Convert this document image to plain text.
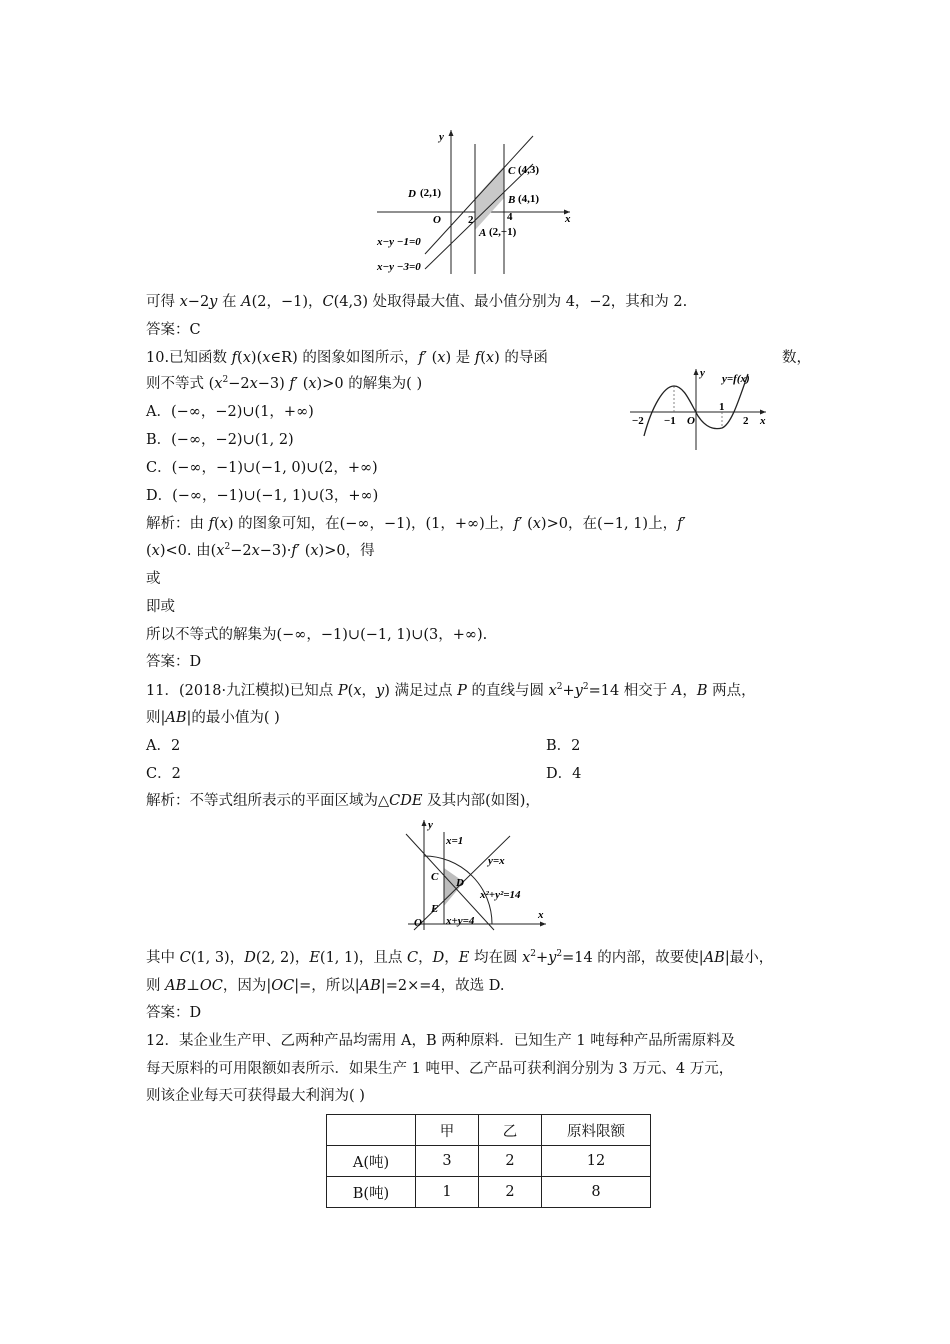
y
x
O
D (2,1)
C (4,3)
B (4,1)
A (2,−1)
2	4
x−y −1=0
x−y −3=0
可得 x−2y 在 A(2，−1)，C(4,3) 处取得最大值、最小值分别为 4，−2，其和为 2.
答案：C
10.已知函数 f(x)(x∈R) 的图象如图所示，f′ (x) 是 f(x) 的导函	数，
则不等式 $(x^2-2x-3)$ f′ (x)>0 的解集为( )
A．(−∞，−2)∪(1，+∞)
B．(−∞，−2)∪(1, 2)
C．(−∞，−1)∪(−1, 0)∪(2，+∞)
D．(−∞，−1)∪(−1, 1)∪(3，+∞)
y=f(x)
y
x
O
−2 −1
1
2
解析：由 f(x) 的图象可知，在(−∞，−1)，(1，+∞)上，f′ (x)>0，在(−1, 1)上，f′
(x)<0. 由$(x^2-2x-3)\cdot f'$ (x)>0，得
或
即或
所以不等式的解集为(−∞，−1)∪(−1, 1)∪(3，+∞).
答案：D
11．(2018·九江模拟)已知点 P(x，y) 满足过点 P 的直线与圆 $x^2+y^2=14$ 相交于 A，B 两点，
则|AB|的最小值为( )
A．2	B．2
C．2	D．4
解析：不等式组所表示的平面区域为△CDE 及其内部(如图)，
y
x
O
x=1
y=x
x²+y²=14
x+y=4
C D
E
其中 C(1, 3)，D(2, 2)，E(1, 1)，且点 C，D，E 均在圆 $x^2+y^2=14$ 的内部，故要使|AB|最小，
则 AB⊥OC，因为|OC|=，所以|AB|=2×=4，故选 D.
答案：D
12．某企业生产甲、乙两种产品均需用 A，B 两种原料．已知生产 1 吨每种产品所需原料及
每天原料的可用限额如表所示．如果生产 1 吨甲、乙产品可获利润分别为 3 万元、4 万元，
则该企业每天可获得最大利润为( )
	甲	乙	原料限额
A(吨)	3	2	12
B(吨)	1	2	8
